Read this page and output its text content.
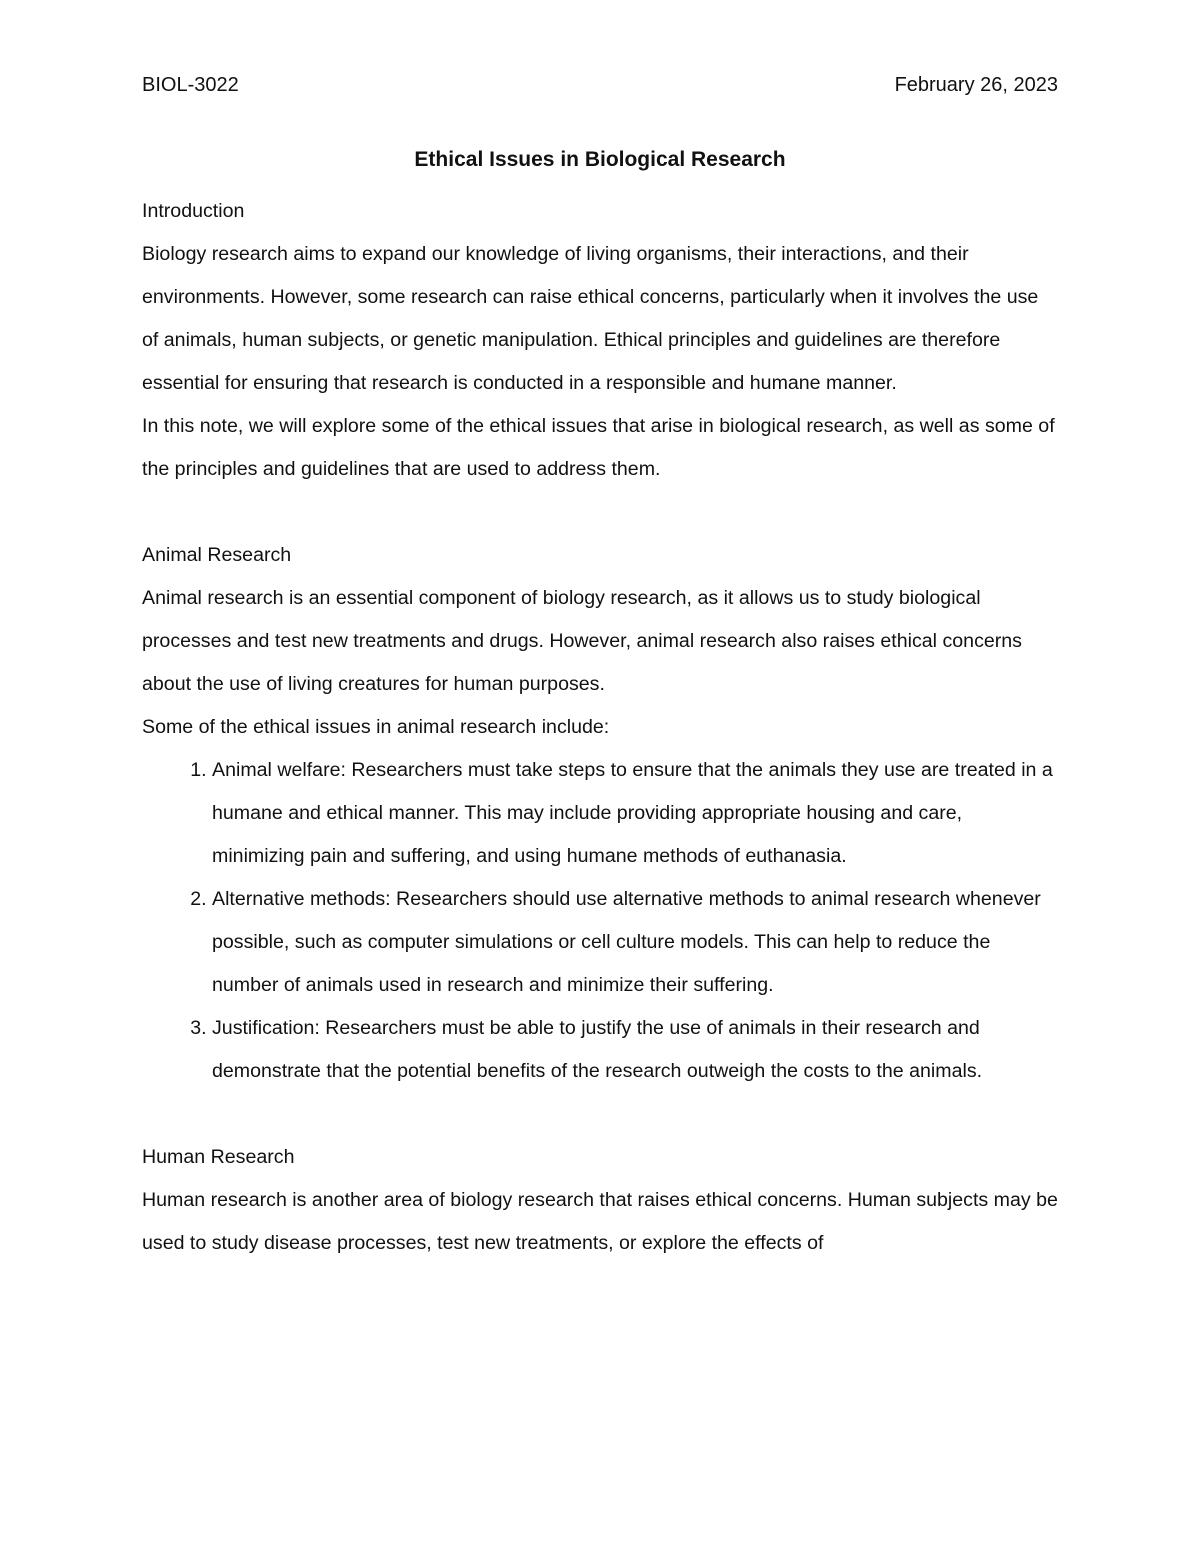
BIOL-3022	February 26, 2023
Ethical Issues in Biological Research

Introduction

Biology research aims to expand our knowledge of living organisms, their interactions, and their environments. However, some research can raise ethical concerns, particularly when it involves the use of animals, human subjects, or genetic manipulation. Ethical principles and guidelines are therefore essential for ensuring that research is conducted in a responsible and humane manner.

In this note, we will explore some of the ethical issues that arise in biological research, as well as some of the principles and guidelines that are used to address them.

Animal Research

Animal research is an essential component of biology research, as it allows us to study biological processes and test new treatments and drugs. However, animal research also raises ethical concerns about the use of living creatures for human purposes.

Some of the ethical issues in animal research include:

1. Animal welfare: Researchers must take steps to ensure that the animals they use are treated in a humane and ethical manner. This may include providing appropriate housing and care, minimizing pain and suffering, and using humane methods of euthanasia.
2. Alternative methods: Researchers should use alternative methods to animal research whenever possible, such as computer simulations or cell culture models. This can help to reduce the number of animals used in research and minimize their suffering.
3. Justification: Researchers must be able to justify the use of animals in their research and demonstrate that the potential benefits of the research outweigh the costs to the animals.

Human Research

Human research is another area of biology research that raises ethical concerns. Human subjects may be used to study disease processes, test new treatments, or explore the effects of
